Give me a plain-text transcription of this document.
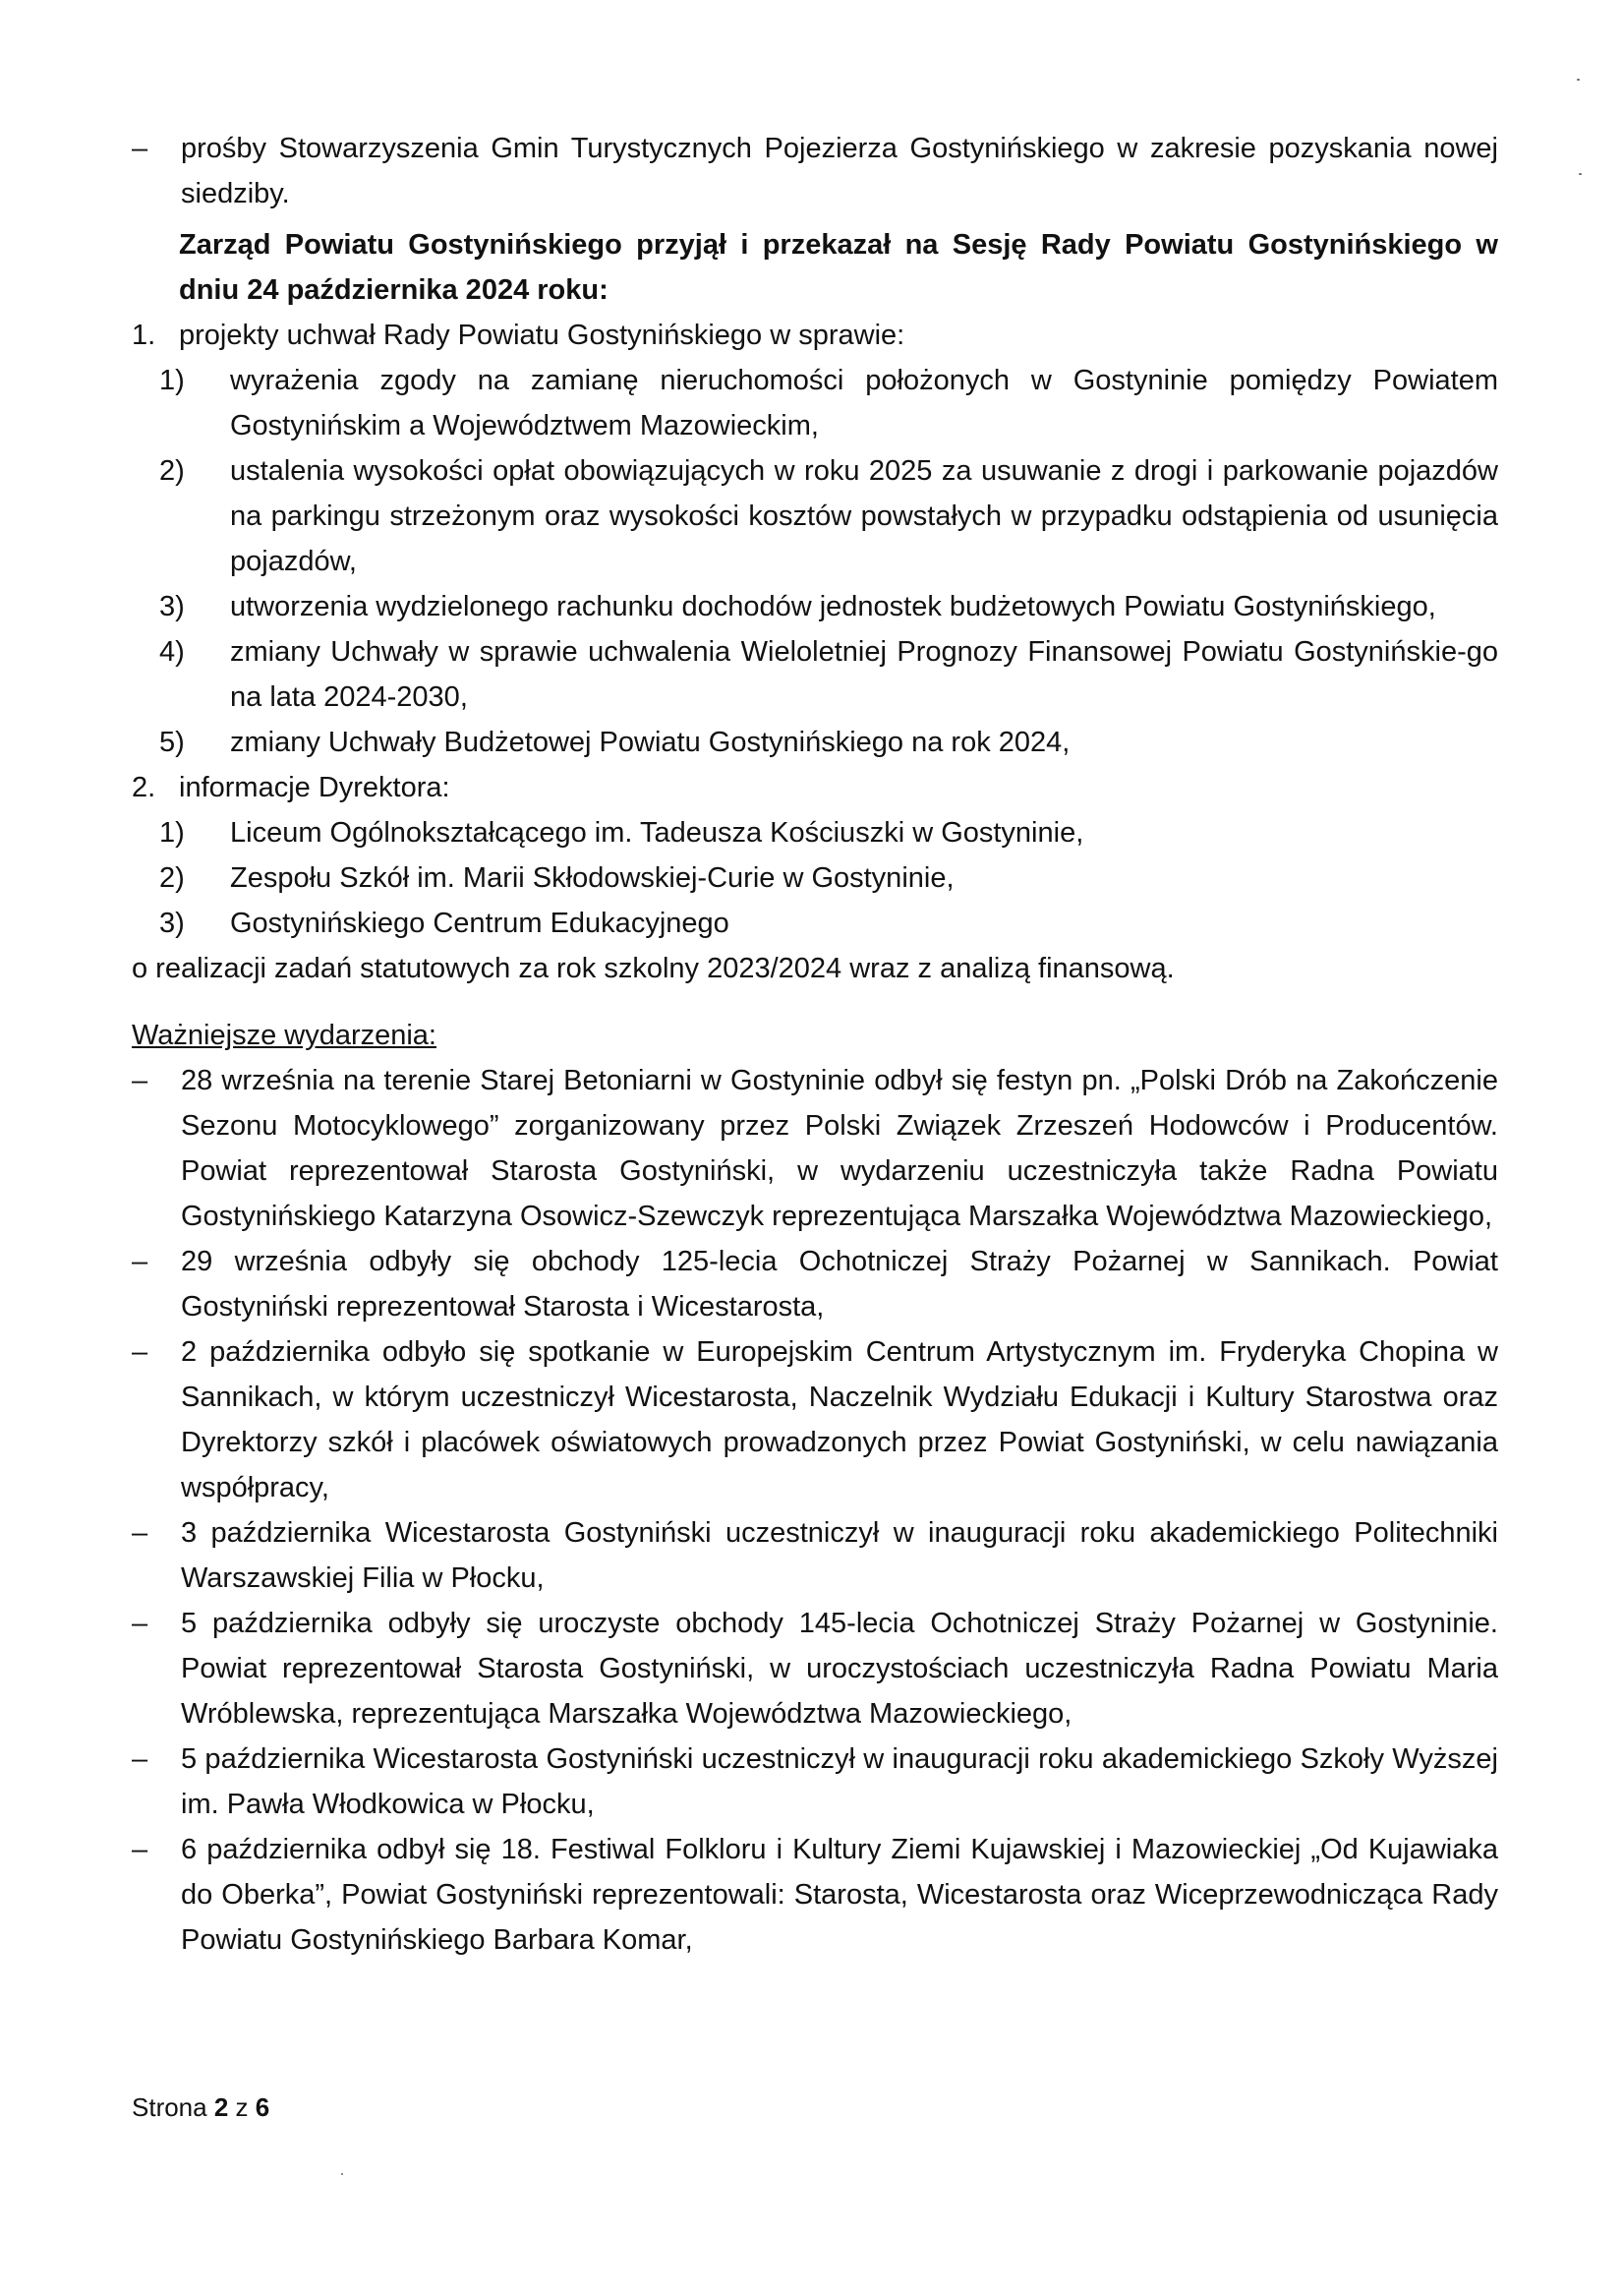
– prośby Stowarzyszenia Gmin Turystycznych Pojezierza Gostynińskiego w zakresie pozyskania nowej siedziby.

Zarząd Powiatu Gostynińskiego przyjął i przekazał na Sesję Rady Powiatu Gostynińskiego w dniu 24 października 2024 roku:

1. projekty uchwał Rady Powiatu Gostynińskiego w sprawie:

1) wyrażenia zgody na zamianę nieruchomości położonych w Gostyninie pomiędzy Powiatem Gostynińskim a Województwem Mazowieckim,

2) ustalenia wysokości opłat obowiązujących w roku 2025 za usuwanie z drogi i parkowanie pojazdów na parkingu strzeżonym oraz wysokości kosztów powstałych w przypadku odstąpienia od usunięcia pojazdów,

3) utworzenia wydzielonego rachunku dochodów jednostek budżetowych Powiatu Gostynińskiego,

4) zmiany Uchwały w sprawie uchwalenia Wieloletniej Prognozy Finansowej Powiatu Gostynińskie-go na lata 2024-2030,

5) zmiany Uchwały Budżetowej Powiatu Gostynińskiego na rok 2024,

2. informacje Dyrektora:

1) Liceum Ogólnokształcącego im. Tadeusza Kościuszki w Gostyninie,

2) Zespołu Szkół im. Marii Skłodowskiej-Curie w Gostyninie,

3) Gostynińskiego Centrum Edukacyjnego

o realizacji zadań statutowych za rok szkolny 2023/2024 wraz z analizą finansową.

Ważniejsze wydarzenia:

– 28 września na terenie Starej Betoniarni w Gostyninie odbył się festyn pn. „Polski Drób na Zakończenie Sezonu Motocyklowego” zorganizowany przez Polski Związek Zrzeszeń Hodowców i Producentów. Powiat reprezentował Starosta Gostyniński, w wydarzeniu uczestniczyła także Radna Powiatu Gostynińskiego Katarzyna Osowicz-Szewczyk reprezentująca Marszałka Województwa Mazowieckiego,

– 29 września odbyły się obchody 125-lecia Ochotniczej Straży Pożarnej w Sannikach. Powiat Gostyniński reprezentował Starosta i Wicestarosta,

– 2 października odbyło się spotkanie w Europejskim Centrum Artystycznym im. Fryderyka Chopina w Sannikach, w którym uczestniczył Wicestarosta, Naczelnik Wydziału Edukacji i Kultury Starostwa oraz Dyrektorzy szkół i placówek oświatowych prowadzonych przez Powiat Gostyniński, w celu nawiązania współpracy,

– 3 października Wicestarosta Gostyniński uczestniczył w inauguracji roku akademickiego Politechniki Warszawskiej Filia w Płocku,

– 5 października odbyły się uroczyste obchody 145-lecia Ochotniczej Straży Pożarnej w Gostyninie. Powiat reprezentował Starosta Gostyniński, w uroczystościach uczestniczyła Radna Powiatu Maria Wróblewska, reprezentująca Marszałka Województwa Mazowieckiego,

– 5 października Wicestarosta Gostyniński uczestniczył w inauguracji roku akademickiego Szkoły Wyższej im. Pawła Włodkowica w Płocku,

– 6 października odbył się 18. Festiwal Folkloru i Kultury Ziemi Kujawskiej i Mazowieckiej „Od Kujawiaka do Oberka”, Powiat Gostyniński reprezentowali: Starosta, Wicestarosta oraz Wiceprzewodnicząca Rady Powiatu Gostynińskiego Barbara Komar,

Strona 2 z 6
